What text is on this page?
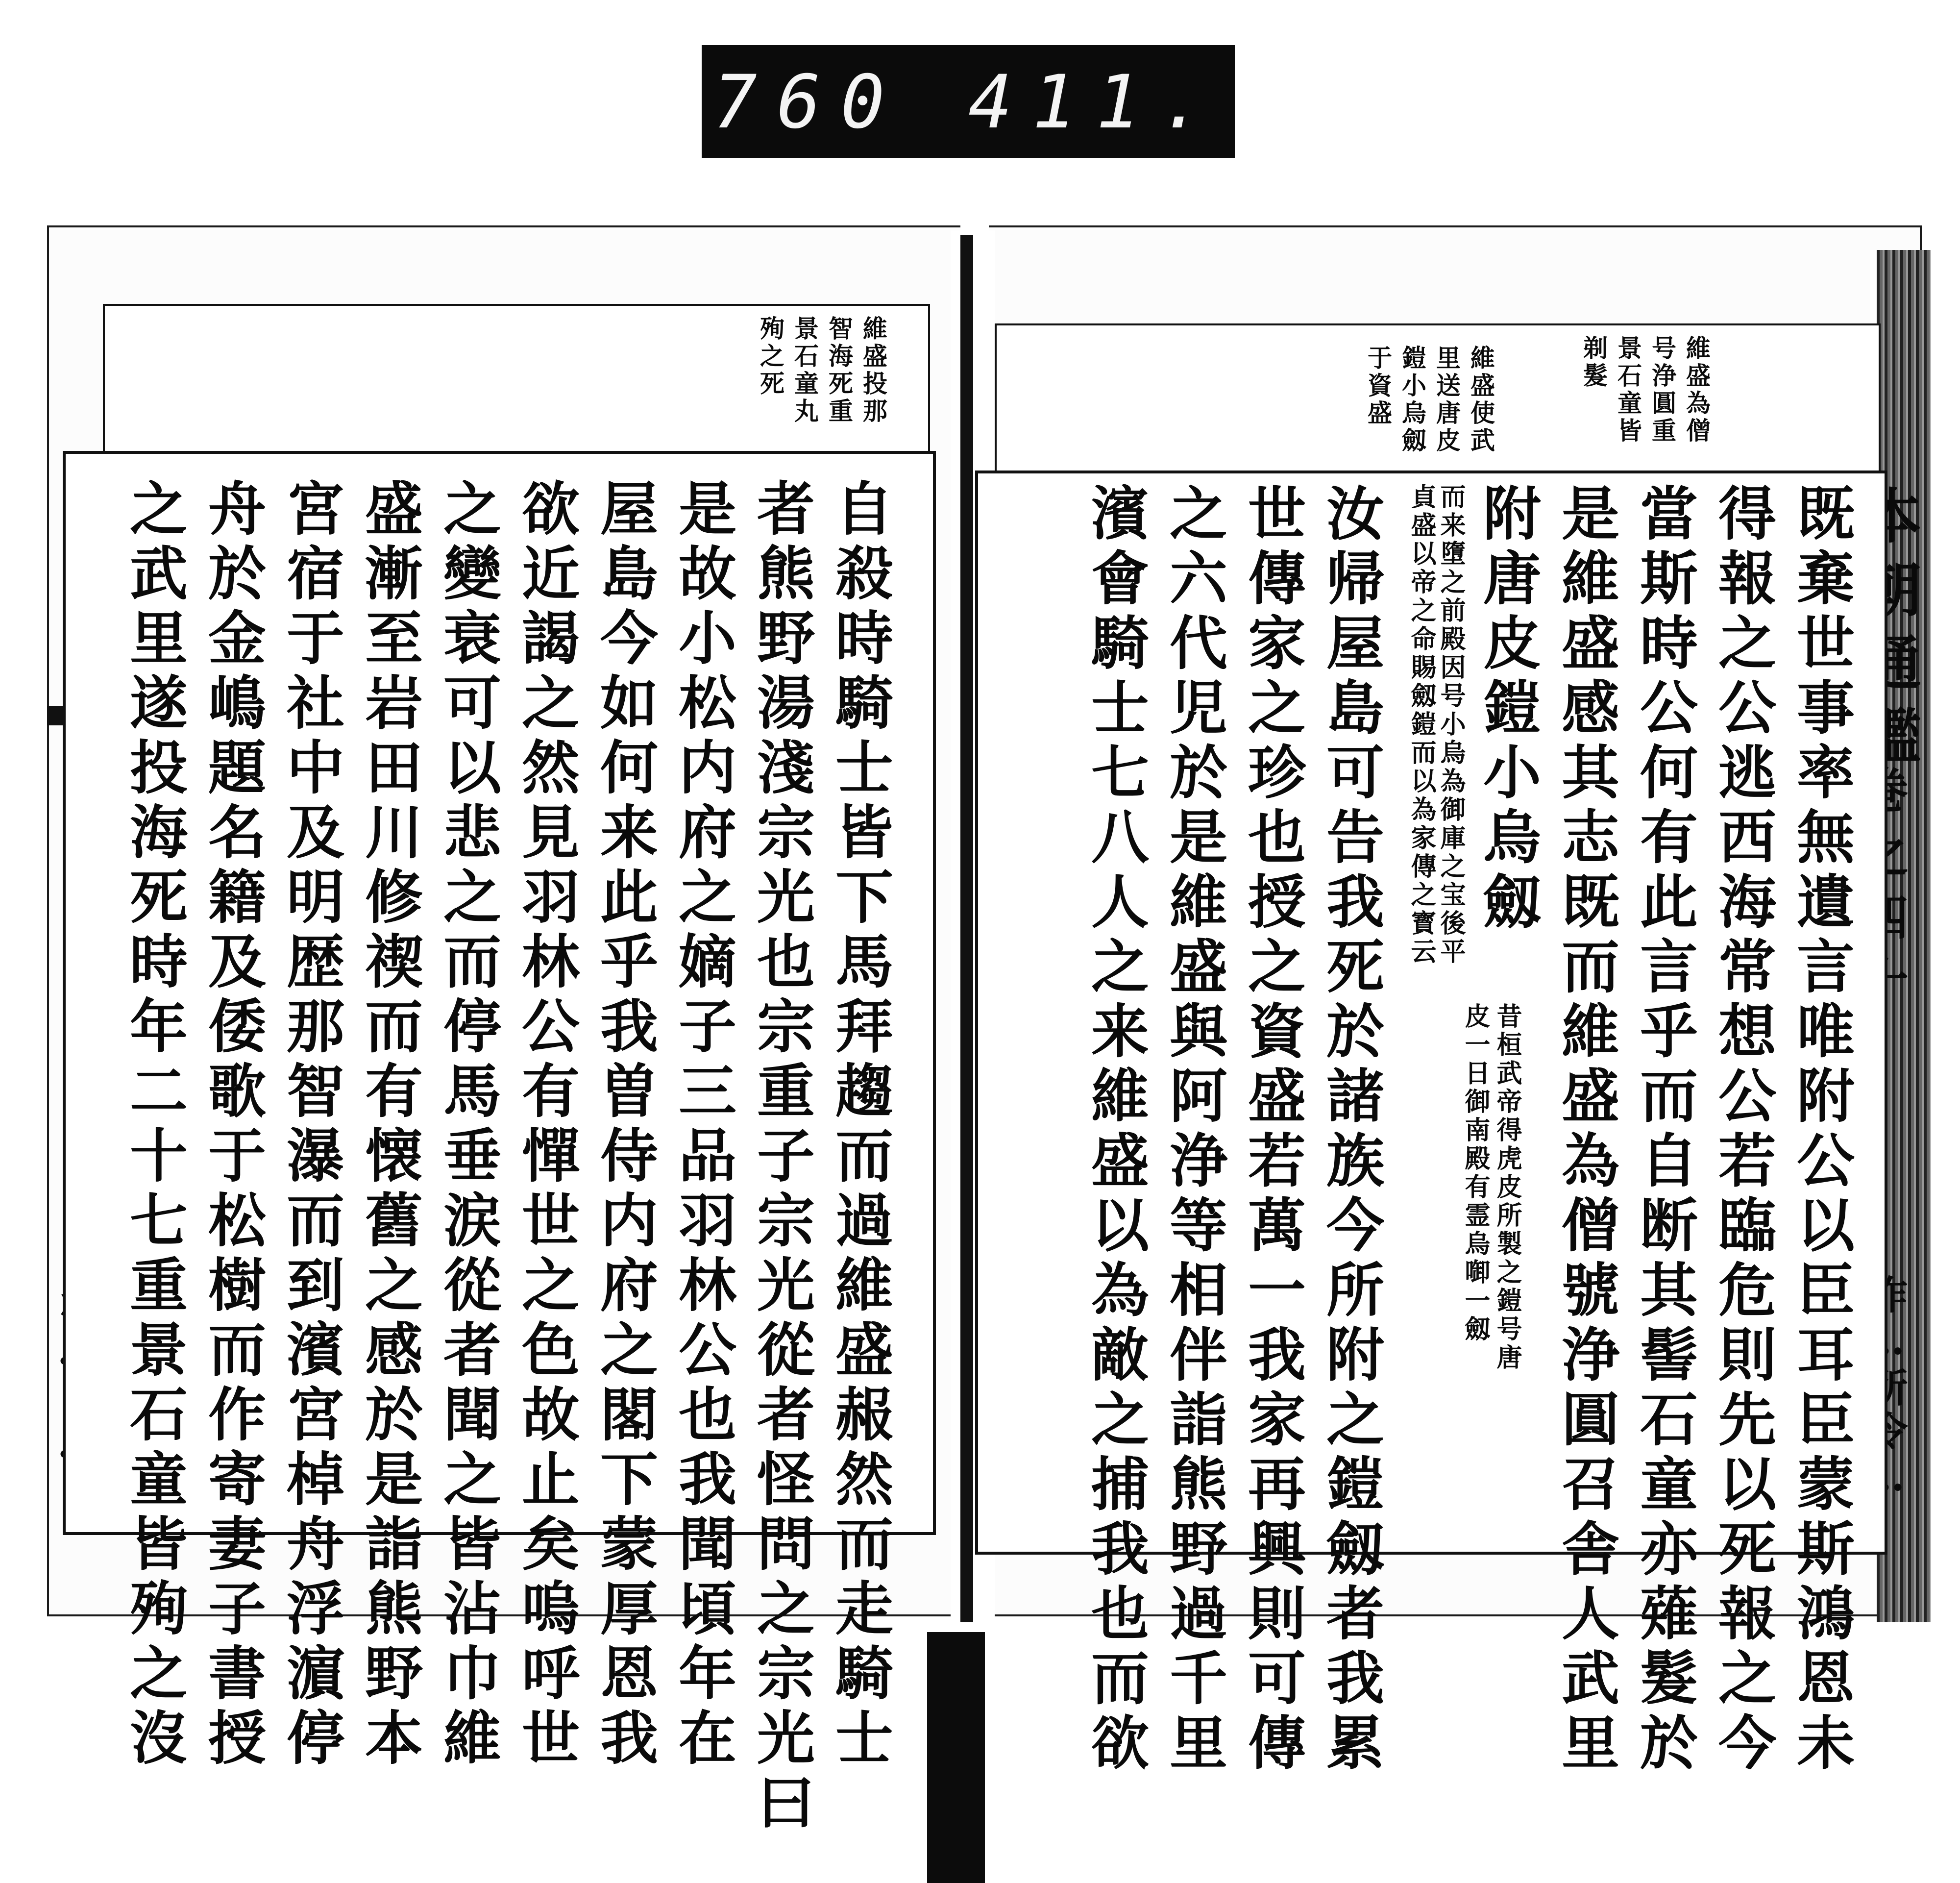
760 411.
維盛投那
智海死重
景石童丸
殉之死
自殺時騎士皆下馬拜趨而過維盛赧然而走騎士
者熊野湯淺宗光也宗重子宗光從者怪問之宗光曰
是故小松内府之嫡子三品羽林公也我聞頃年在
屋島今如何来此乎我曽侍内府之閣下蒙厚恩我
欲近謁之然見羽林公有憚世之色故止矣嗚呼世
之變衰可以悲之而停馬垂涙從者聞之皆沾巾維
盛漸至岩田川修禊而有懐舊之感於是詣熊野本
宮宿于社中及明歴那智瀑而到濱宮棹舟浮濵停
舟於金嶋題名籍及倭歌于松樹而作寄妻子書授
之武里遂投海死時年二十七重景石童皆殉之沒
維盛為僧
号浄圓重
景石童皆
剃髮
維盛使武
里送唐皮
鎧小烏劔
于資盛
既棄世事率無遺言唯附公以臣耳臣蒙斯鴻恩未
得報之公逃西海常想公若臨危則先以死報之今
當斯時公何有此言乎而自断其髻石童亦薙髮於
是維盛感其志既而維盛為僧號浄圓召舎人武里
附唐皮鎧小烏劔
昔桓武帝得虎皮所製之鎧号唐
皮一日御南殿有霊烏啣一劔
而来墮之前殿因号小烏為御庫之宝後平
貞盛以帝之命賜劔鎧而以為家傳之寳云
汝帰屋島可告我死於諸族今所附之鎧劔者我累
世傳家之珍也授之資盛若萬一我家再興則可傳
之六代児於是維盛與阿浄等相伴詣熊野過千里
濱會騎士七八人之来維盛以為敵之捕我也而欲
